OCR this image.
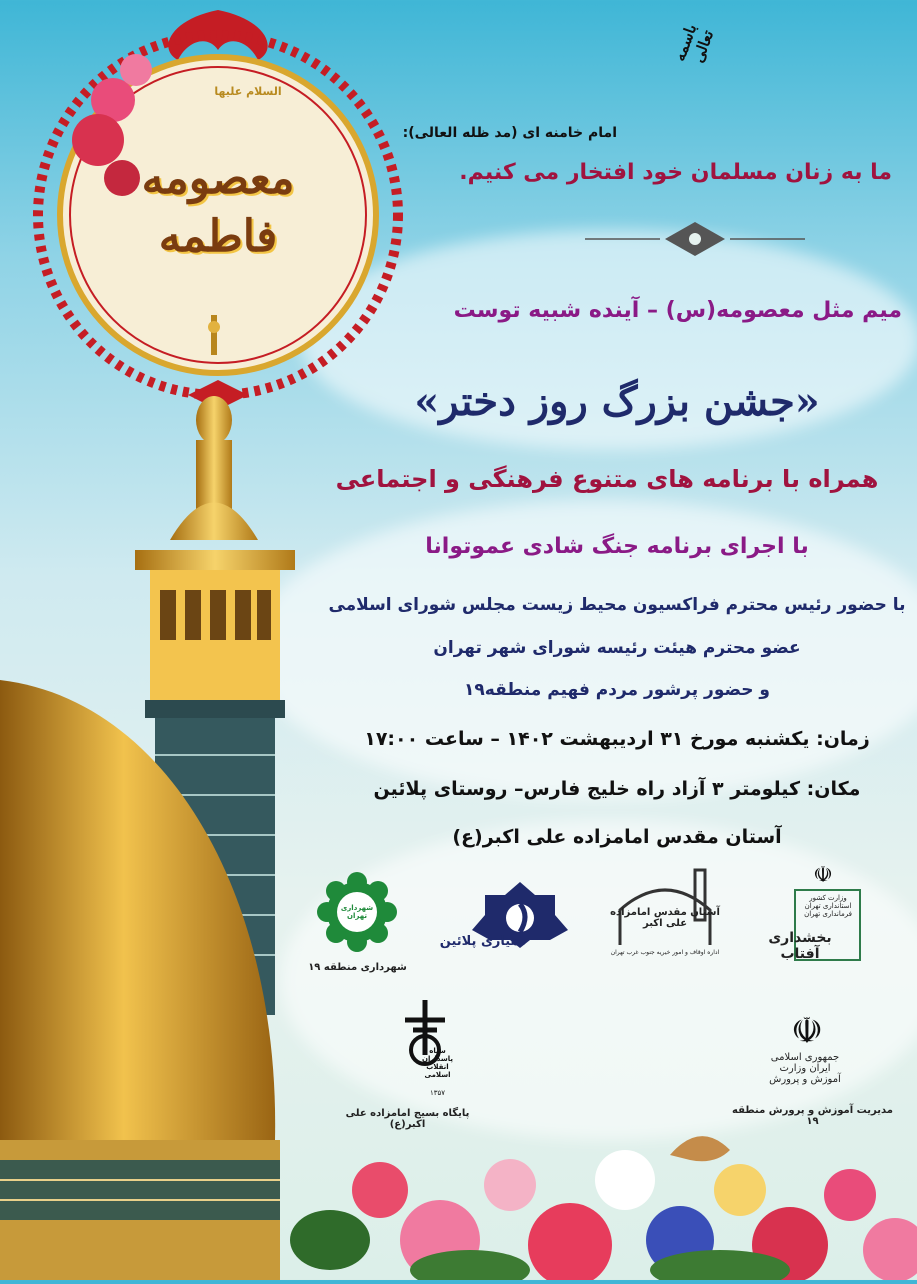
السلام علیها
معصومه فاطمه
باسمه تعالی
امام خامنه ای (مد ظله العالی):
ما به زنان مسلمان خود افتخار می کنیم.
میم مثل معصومه(س) – آینده شبیه توست
«جشن بزرگ روز دختر»
همراه با برنامه های متنوع فرهنگی و اجتماعی
با اجرای برنامه جنگ شادی عموتوانا
با حضور رئیس محترم فراکسیون محیط زیست مجلس شورای اسلامی
عضو محترم هیئت رئیسه شورای شهر تهران
و حضور پرشور مردم فهیم منطقه۱۹
زمان: یکشنبه مورخ ۳۱ اردیبهشت ۱۴۰۲ – ساعت ۱۷:۰۰
مکان: کیلومتر ۳ آزاد راه خلیج فارس– روستای پلائین
آستان مقدس امامزاده علی اکبر(ع)
شهرداری تهران
شهرداری منطقه ۱۹
دهیاری پلائین
آستان مقدس امامزاده علی اکبر
اداره اوقاف و امور خیریه جنوب غرب تهران
☫
وزارت کشور استانداری تهران فرمانداری تهران
بخشداری آفتاب
سپاه پاسداران انقلاب اسلامی
۱۳۵۷
پایگاه بسیج امامزاده علی اکبر(ع)
☫
جمهوری اسلامی ایران وزارت آموزش و پرورش
مدیریت آموزش و پرورش منطقه ۱۹
